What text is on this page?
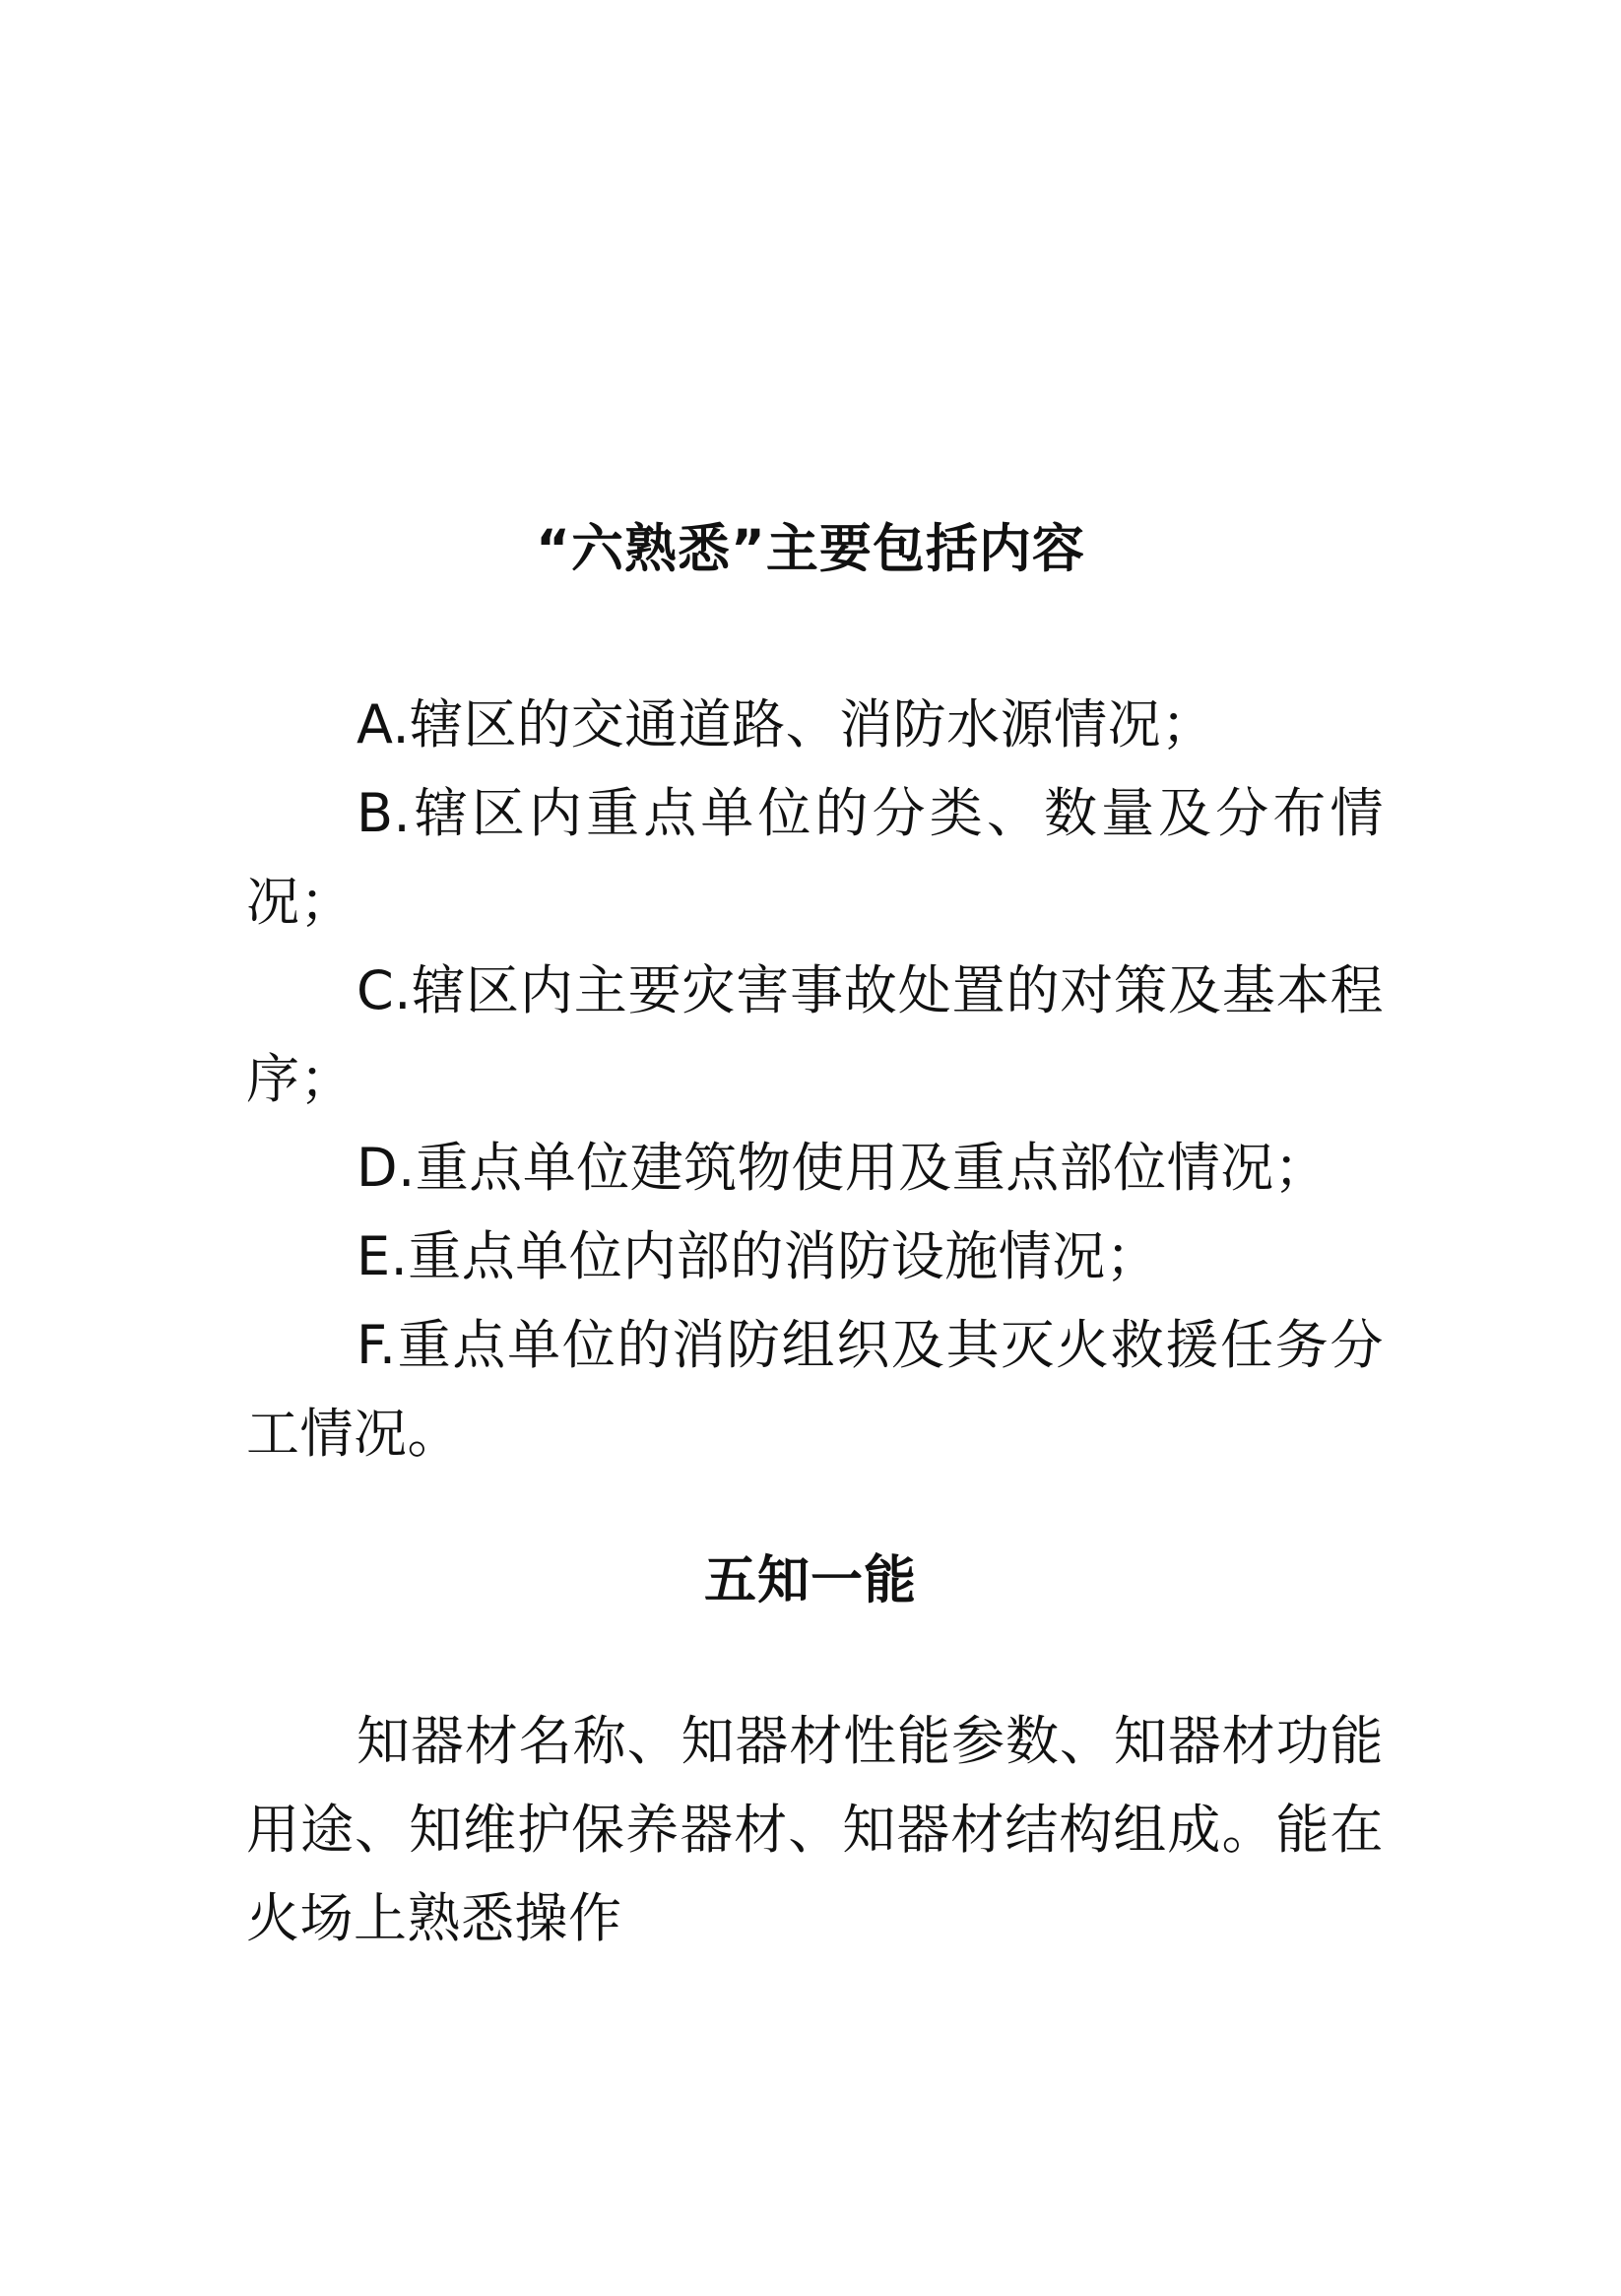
“六熟悉”主要包括内容

A.辖区的交通道路、消防水源情况；

B.辖区内重点单位的分类、数量及分布情况；

C.辖区内主要灾害事故处置的对策及基本程序；

D.重点单位建筑物使用及重点部位情况；

E.重点单位内部的消防设施情况；

F.重点单位的消防组织及其灭火救援任务分工情况。

五知一能

知器材名称、知器材性能参数、知器材功能用途、知维护保养器材、知器材结构组成。能在火场上熟悉操作
